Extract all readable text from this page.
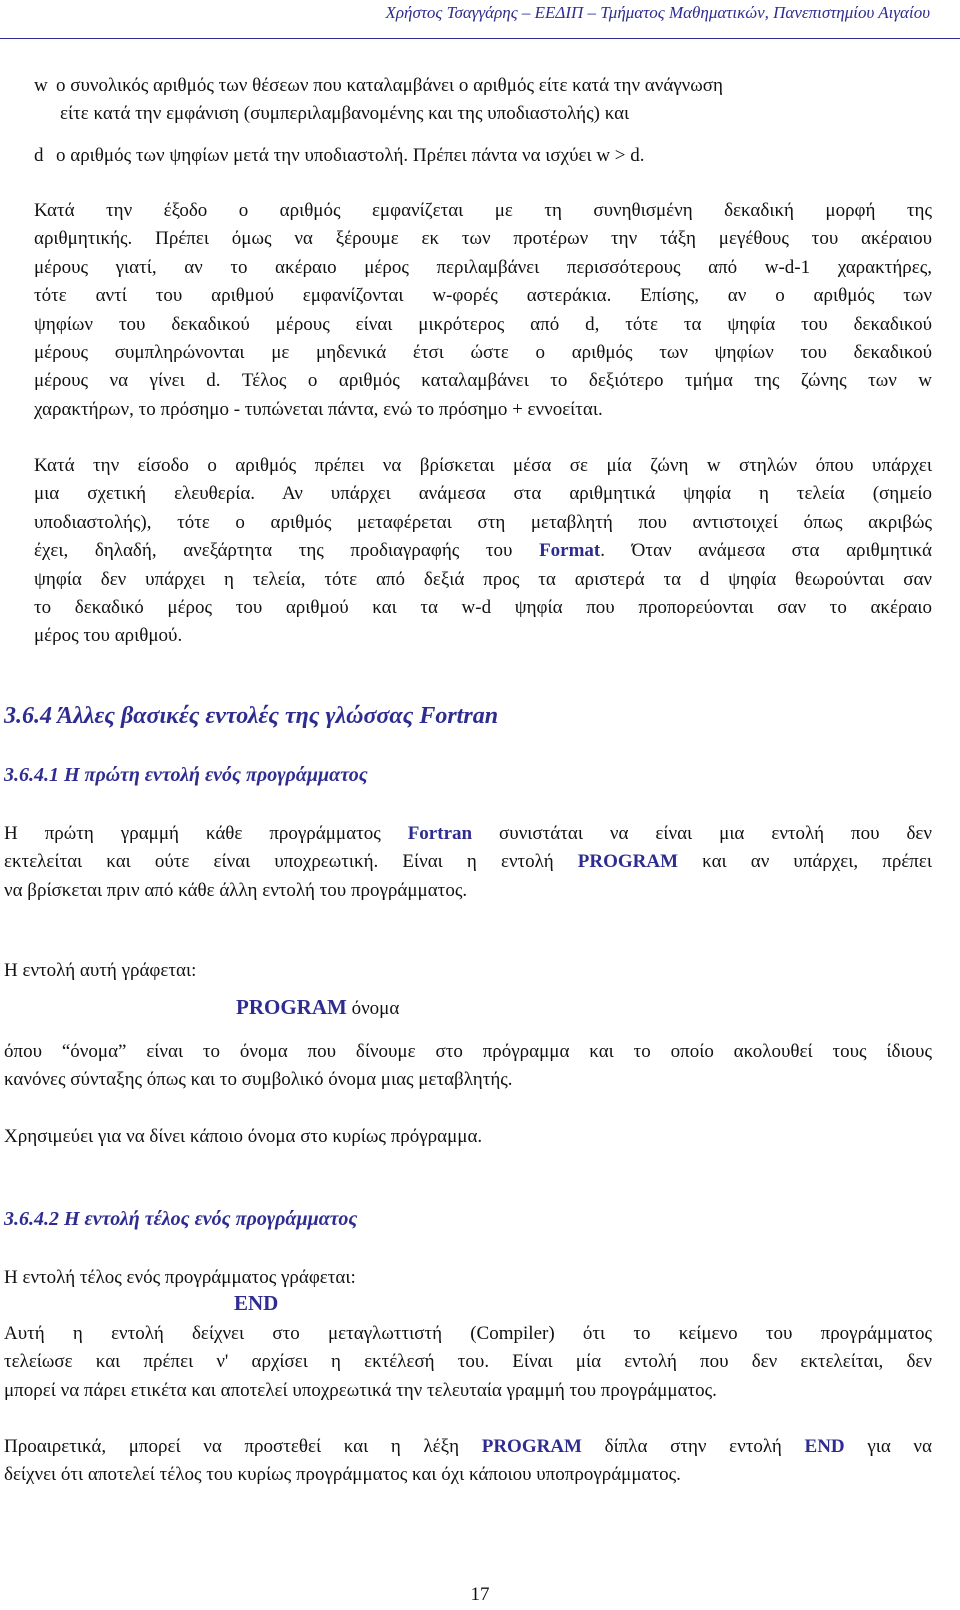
Χρήστος Τσαγγάρης – ΕΕΔΙΠ – Τμήματος Μαθηματικών, Πανεπιστημίου Αιγαίου
w ο συνολικός αριθμός των θέσεων που καταλαμβάνει ο αριθμός είτε κατά την ανάγνωση
είτε κατά την εμφάνιση (συμπεριλαμβανομένης και της υποδιαστολής) και
d ο αριθμός των ψηφίων μετά την υποδιαστολή. Πρέπει πάντα να ισχύει w > d.
Κατά την έξοδο ο αριθμός εμφανίζεται με τη συνηθισμένη δεκαδική μορφή της
αριθμητικής. Πρέπει όμως να ξέρουμε εκ των προτέρων την τάξη μεγέθους του ακέραιου
μέρους γιατί, αν το ακέραιο μέρος περιλαμβάνει περισσότερους από w-d-1 χαρακτήρες,
τότε αντί του αριθμού εμφανίζονται w-φορές αστεράκια. Επίσης, αν ο αριθμός των
ψηφίων του δεκαδικού μέρους είναι μικρότερος από d, τότε τα ψηφία του δεκαδικού
μέρους συμπληρώνονται με μηδενικά έτσι ώστε ο αριθμός των ψηφίων του δεκαδικού
μέρους να γίνει d. Τέλος ο αριθμός καταλαμβάνει το δεξιότερο τμήμα της ζώνης των w
χαρακτήρων, το πρόσημο - τυπώνεται πάντα, ενώ το πρόσημο + εννοείται.
Κατά την είσοδο ο αριθμός πρέπει να βρίσκεται μέσα σε μία ζώνη w στηλών όπου υπάρχει
μια σχετική ελευθερία. Αν υπάρχει ανάμεσα στα αριθμητικά ψηφία η τελεία (σημείο
υποδιαστολής), τότε ο αριθμός μεταφέρεται στη μεταβλητή που αντιστοιχεί όπως ακριβώς
έχει, δηλαδή, ανεξάρτητα της προδιαγραφής του Format. Όταν ανάμεσα στα αριθμητικά
ψηφία δεν υπάρχει η τελεία, τότε από δεξιά προς τα αριστερά τα d ψηφία θεωρούνται σαν
το δεκαδικό μέρος του αριθμού και τα w-d ψηφία που προπορεύονται σαν το ακέραιο
μέρος του αριθμού.
3.6.4 Άλλες βασικές εντολές της γλώσσας Fortran
3.6.4.1 Η πρώτη εντολή ενός προγράμματος
Η πρώτη γραμμή κάθε προγράμματος Fortran συνιστάται να είναι μια εντολή που δεν
εκτελείται και ούτε είναι υποχρεωτική. Είναι η εντολή PROGRAM και αν υπάρχει, πρέπει
να βρίσκεται πριν από κάθε άλλη εντολή του προγράμματος.
Η εντολή αυτή γράφεται:
PROGRAM όνομα
όπου “όνομα” είναι το όνομα που δίνουμε στο πρόγραμμα και το οποίο ακολουθεί τους ίδιους
κανόνες σύνταξης όπως και το συμβολικό όνομα μιας μεταβλητής.
Χρησιμεύει για να δίνει κάποιο όνομα στο κυρίως πρόγραμμα.
3.6.4.2 Η εντολή τέλος ενός προγράμματος
Η εντολή τέλος ενός προγράμματος γράφεται:
END
Αυτή η εντολή δείχνει στο μεταγλωττιστή (Compiler) ότι το κείμενο του προγράμματος
τελείωσε και πρέπει ν' αρχίσει η εκτέλεσή του. Είναι μία εντολή που δεν εκτελείται, δεν
μπορεί να πάρει ετικέτα και αποτελεί υποχρεωτικά την τελευταία γραμμή του προγράμματος.
Προαιρετικά, μπορεί να προστεθεί και η λέξη PROGRAM δίπλα στην εντολή END για να
δείχνει ότι αποτελεί τέλος του κυρίως προγράμματος και όχι κάποιου υποπρογράμματος.
17
